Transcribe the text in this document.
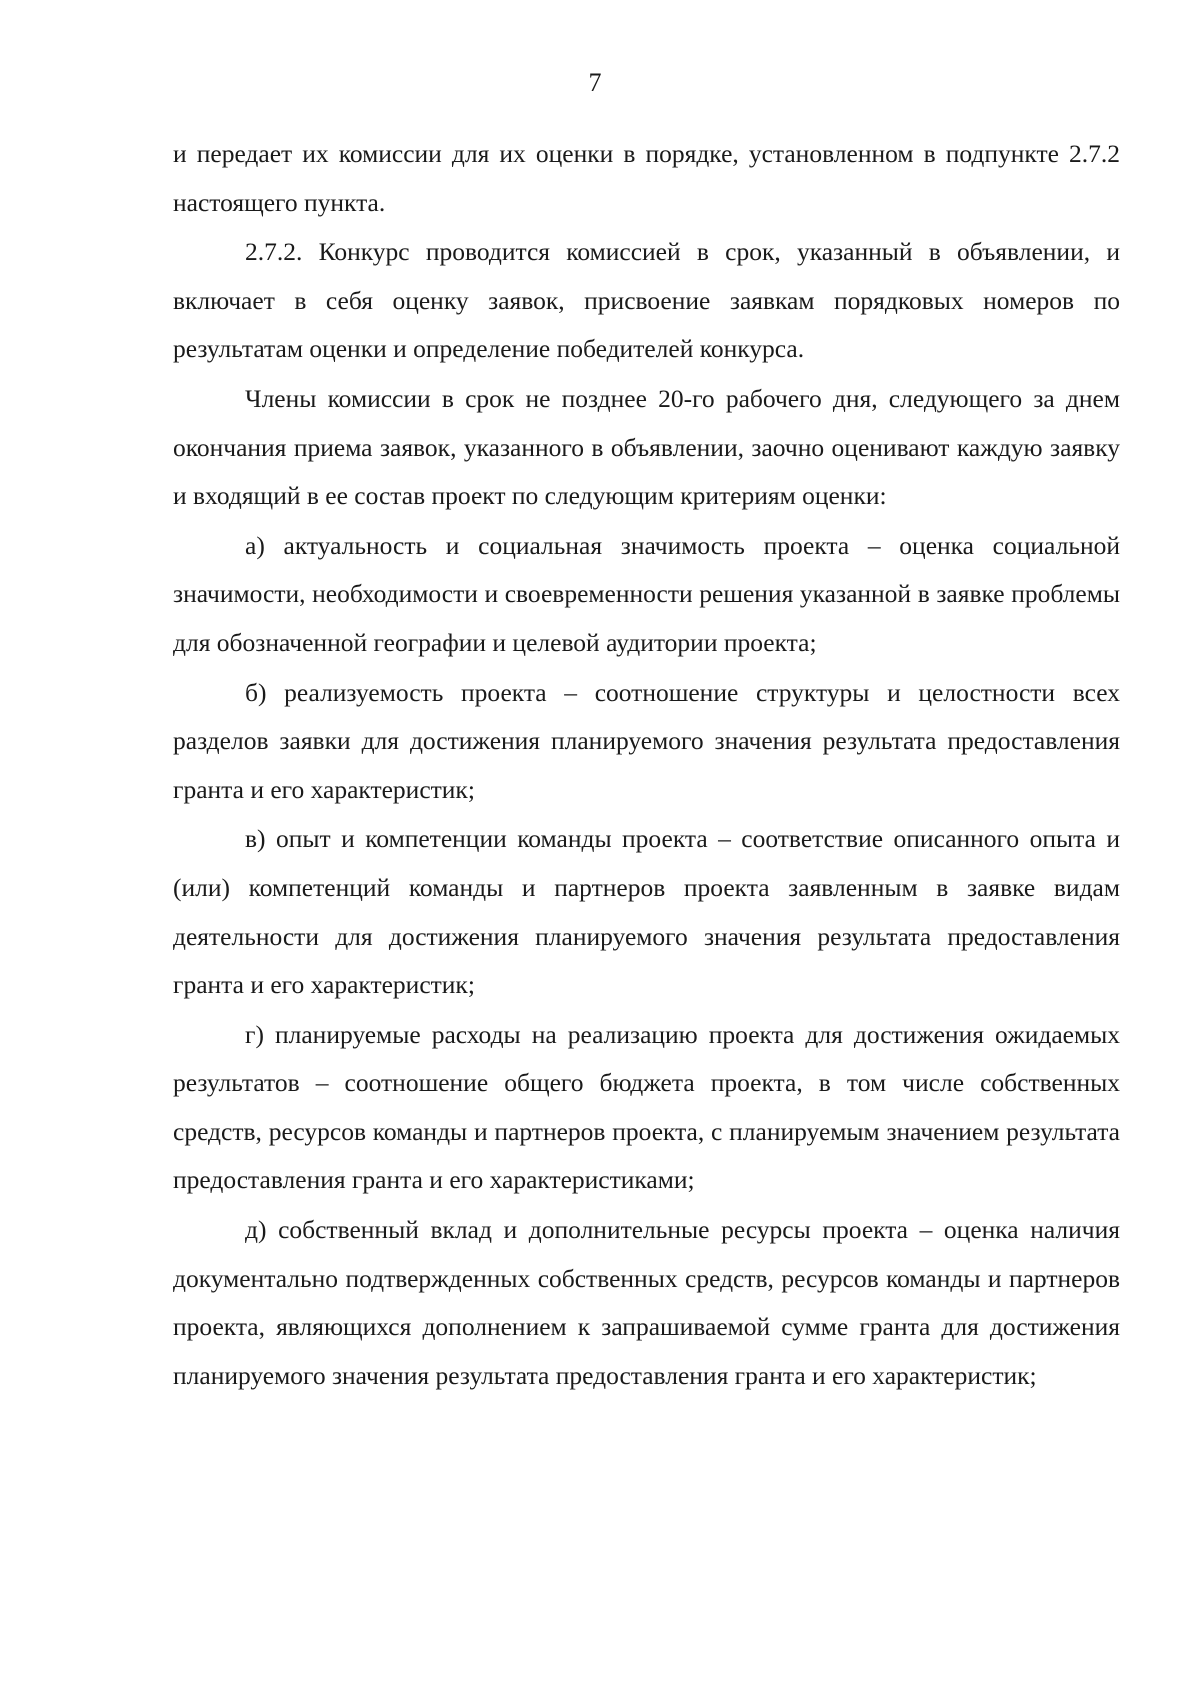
7

и передает их комиссии для их оценки в порядке, установленном в подпункте 2.7.2 настоящего пункта.

2.7.2. Конкурс проводится комиссией в срок, указанный в объявлении, и включает в себя оценку заявок, присвоение заявкам порядковых номеров по результатам оценки и определение победителей конкурса.

Члены комиссии в срок не позднее 20-го рабочего дня, следующего за днем окончания приема заявок, указанного в объявлении, заочно оценивают каждую заявку и входящий в ее состав проект по следующим критериям оценки:

а) актуальность и социальная значимость проекта – оценка социальной значимости, необходимости и своевременности решения указанной в заявке проблемы для обозначенной географии и целевой аудитории проекта;

б) реализуемость проекта – соотношение структуры и целостности всех разделов заявки для достижения планируемого значения результата предоставления гранта и его характеристик;

в) опыт и компетенции команды проекта – соответствие описанного опыта и (или) компетенций команды и партнеров проекта заявленным в заявке видам деятельности для достижения планируемого значения результата предоставления гранта и его характеристик;

г) планируемые расходы на реализацию проекта для достижения ожидаемых результатов – соотношение общего бюджета проекта, в том числе собственных средств, ресурсов команды и партнеров проекта, с планируемым значением результата предоставления гранта и его характеристиками;

д) собственный вклад и дополнительные ресурсы проекта – оценка наличия документально подтвержденных собственных средств, ресурсов команды и партнеров проекта, являющихся дополнением к запрашиваемой сумме гранта для достижения планируемого значения результата предоставления гранта и его характеристик;
